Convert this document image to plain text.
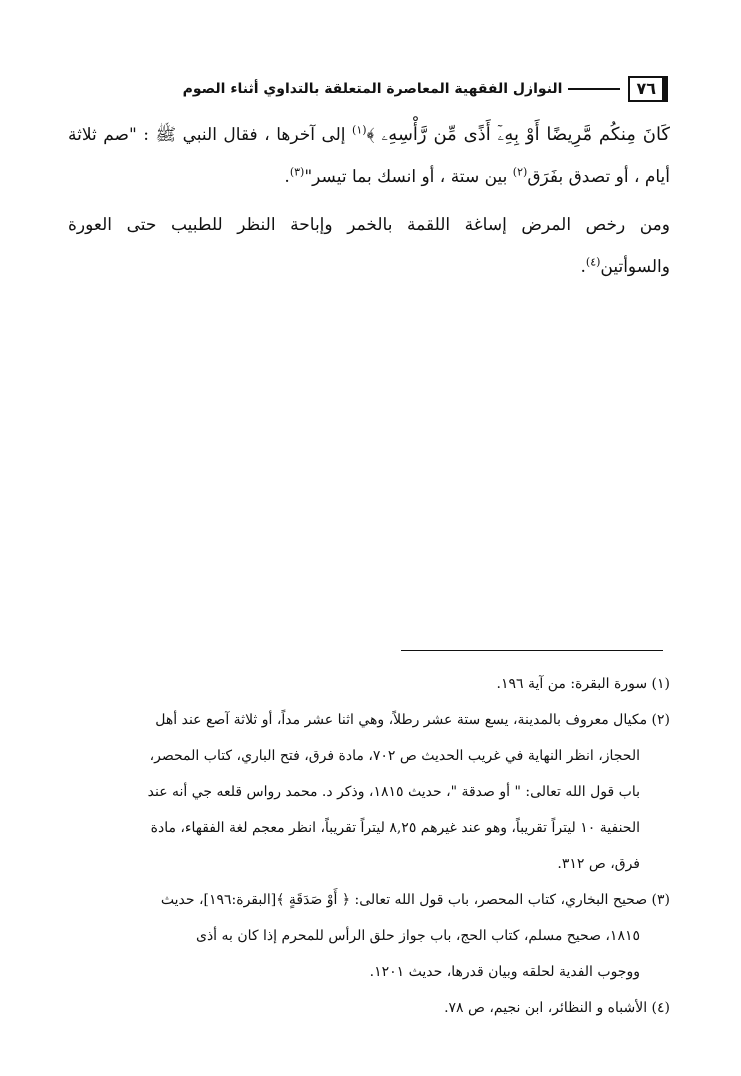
٧٦
النوازل الفقهية المعاصرة المتعلقة بالتداوي أثناء الصوم

كَانَ مِنكُم مَّرِيضًا أَوْ بِهِۦٓ أَذًى مِّن رَّأْسِهِۦ ﴾$^{(١)}$ إلى آخرها ، فقال النبي ﷺ : "صم ثلاثة أيام ، أو تصدق بفَرَق$^{(٢)}$ بين ستة ، أو انسك بما تيسر"$^{(٣)}$.

ومن رخص المرض إساغة اللقمة بالخمر وإباحة النظر للطبيب حتى العورة والسوأتين$^{(٤)}$.

(١) سورة البقرة: من آية ١٩٦.

(٢) مكيال معروف بالمدينة، يسع ستة عشر رطلاً، وهي اثنا عشر مداً، أو ثلاثة آصع عند أهل

الحجاز، انظر النهاية في غريب الحديث ص ٧٠٢، مادة فرق، فتح الباري، كتاب المحصر،

باب قول الله تعالى: " أو صدقة "، حديث ١٨١٥، وذكر د. محمد رواس قلعه جي أنه عند

الحنفية ١٠ ليتراً تقريباً، وهو عند غيرهم ٨,٢٥ ليتراً تقريباً، انظر معجم لغة الفقهاء، مادة

فرق، ص ٣١٢.

(٣) صحيح البخاري، كتاب المحصر، باب قول الله تعالى: ﴿ أَوْ صَدَقَةٍ ﴾[البقرة:١٩٦]، حديث

١٨١٥، صحيح مسلم، كتاب الحج، باب جواز حلق الرأس للمحرم إذا كان به أذى

ووجوب الفدية لحلقه وبيان قدرها، حديث ١٢٠١.

(٤) الأشباه و النظائر، ابن نجيم، ص ٧٨.
